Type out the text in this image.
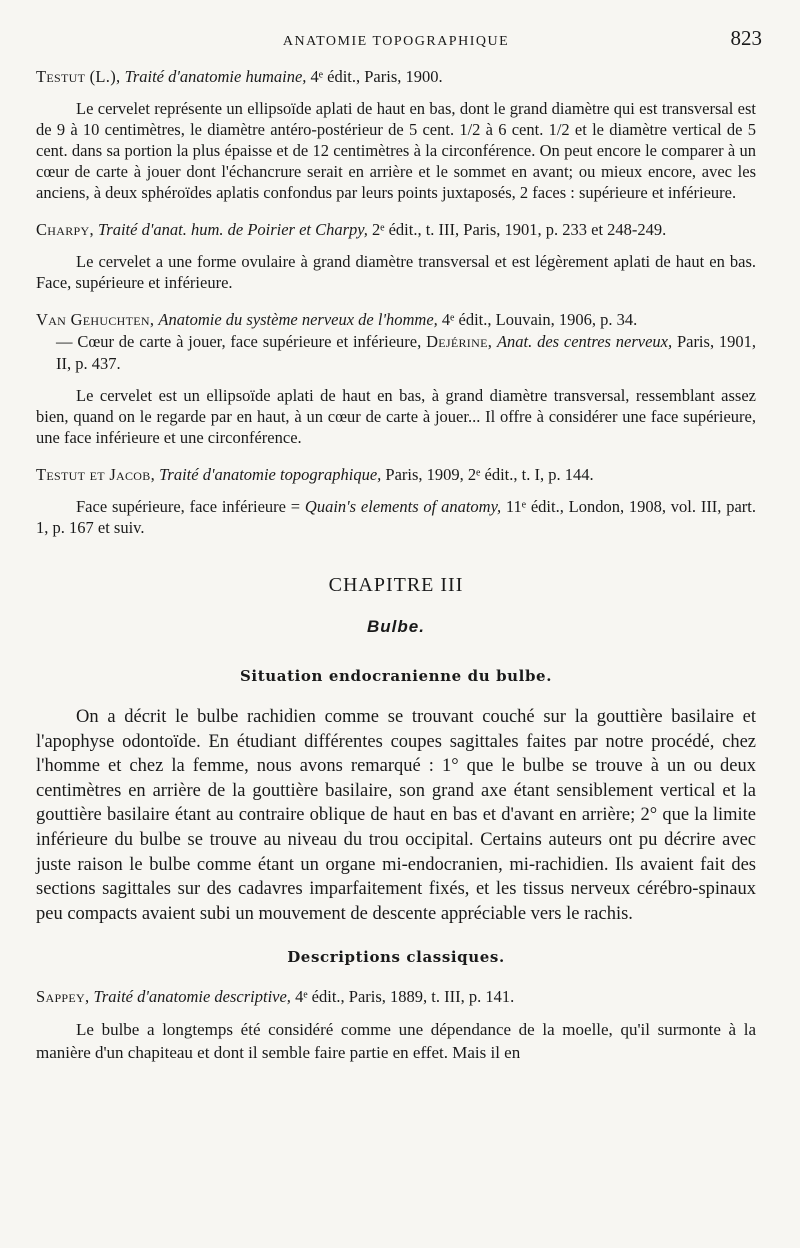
ANATOMIE TOPOGRAPHIQUE	823

Testut (L.), Traité d'anatomie humaine, 4ᵉ édit., Paris, 1900.

Le cervelet représente un ellipsoïde aplati de haut en bas, dont le grand diamètre qui est transversal est de 9 à 10 centimètres, le diamètre antéro-postérieur de 5 cent. 1/2 à 6 cent. 1/2 et le diamètre vertical de 5 cent. dans sa portion la plus épaisse et de 12 centimètres à la circonférence. On peut encore le comparer à un cœur de carte à jouer dont l'échancrure serait en arrière et le sommet en avant; ou mieux encore, avec les anciens, à deux sphéroïdes aplatis confondus par leurs points juxtaposés, 2 faces : supérieure et inférieure.

Charpy, Traité d'anat. hum. de Poirier et Charpy, 2ᵉ édit., t. III, Paris, 1901, p. 233 et 248-249.

Le cervelet a une forme ovulaire à grand diamètre transversal et est légèrement aplati de haut en bas. Face, supérieure et inférieure.

Van Gehuchten, Anatomie du système nerveux de l'homme, 4ᵉ édit., Louvain, 1906, p. 34.
— Cœur de carte à jouer, face supérieure et inférieure, Dejérine, Anat. des centres nerveux, Paris, 1901, II, p. 437.

Le cervelet est un ellipsoïde aplati de haut en bas, à grand diamètre transversal, ressemblant assez bien, quand on le regarde par en haut, à un cœur de carte à jouer... Il offre à considérer une face supérieure, une face inférieure et une circonférence.

Testut et Jacob, Traité d'anatomie topographique, Paris, 1909, 2ᵉ édit., t. I, p. 144.

Face supérieure, face inférieure = Quain's elements of anatomy, 11ᵉ édit., London, 1908, vol. III, part. 1, p. 167 et suiv.

CHAPITRE III
Bulbe.
Situation endocranienne du bulbe.

On a décrit le bulbe rachidien comme se trouvant couché sur la gouttière basilaire et l'apophyse odontoïde. En étudiant différentes coupes sagittales faites par notre procédé, chez l'homme et chez la femme, nous avons remarqué : 1° que le bulbe se trouve à un ou deux centimètres en arrière de la gouttière basilaire, son grand axe étant sensiblement vertical et la gouttière basilaire étant au contraire oblique de haut en bas et d'avant en arrière; 2° que la limite inférieure du bulbe se trouve au niveau du trou occipital. Certains auteurs ont pu décrire avec juste raison le bulbe comme étant un organe mi-endocranien, mi-rachidien. Ils avaient fait des sections sagittales sur des cadavres imparfaitement fixés, et les tissus nerveux cérébro-spinaux peu compacts avaient subi un mouvement de descente appréciable vers le rachis.

Descriptions classiques.

Sappey, Traité d'anatomie descriptive, 4ᵉ édit., Paris, 1889, t. III, p. 141.

Le bulbe a longtemps été considéré comme une dépendance de la moelle, qu'il surmonte à la manière d'un chapiteau et dont il semble faire partie en effet. Mais il en
